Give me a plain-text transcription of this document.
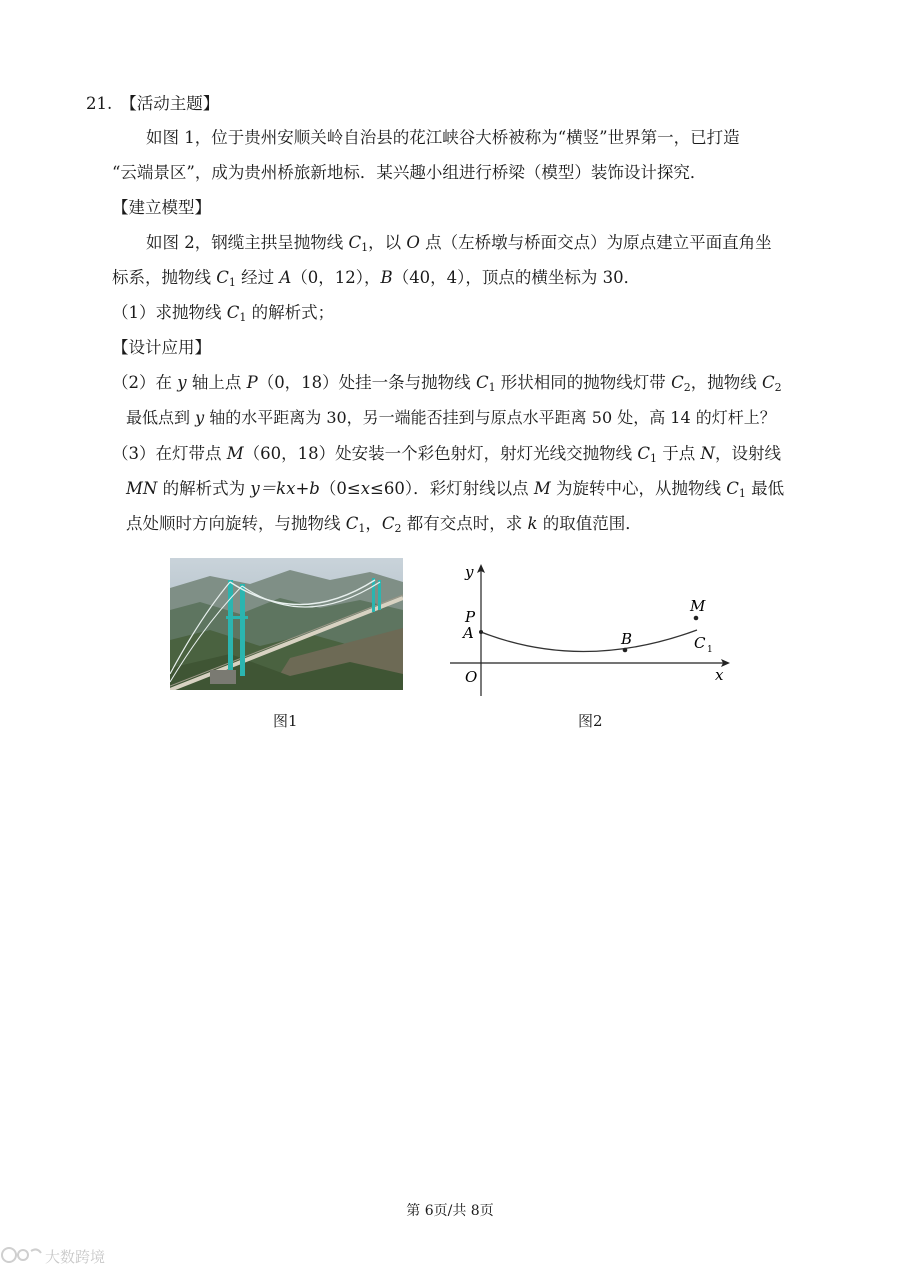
21. 【活动主题】
如图 1，位于贵州安顺关岭自治县的花江峡谷大桥被称为“横竖”世界第一，已打造
“云端景区”，成为贵州桥旅新地标．某兴趣小组进行桥梁（模型）装饰设计探究．
【建立模型】
如图 2，钢缆主拱呈抛物线 $C_1$，以 O 点（左桥墩与桥面交点）为原点建立平面直角坐
标系，抛物线 $C_1$ 经过 A（0，12），B（40，4），顶点的横坐标为 30．
（1）求抛物线 $C_1$ 的解析式；
【设计应用】
（2）在 y 轴上点 P（0，18）处挂一条与抛物线 $C_1$ 形状相同的抛物线灯带 $C_2$，抛物线 $C_2$
最低点到 y 轴的水平距离为 30，另一端能否挂到与原点水平距离 50 处，高 14 的灯杆上？
（3）在灯带点 M（60，18）处安装一个彩色射灯，射灯光线交抛物线 $C_1$ 于点 N，设射线
MN 的解析式为 y＝kx+b（0≤x≤60）．彩灯射线以点 M 为旋转中心，从抛物线 $C_1$ 最低
点处顺时方向旋转，与抛物线 $C_1$，$C_2$ 都有交点时，求 k 的取值范围．
图1
y
x
O
P
A	B
M
C 1
图2
第 6页/共 8页
大数跨境
